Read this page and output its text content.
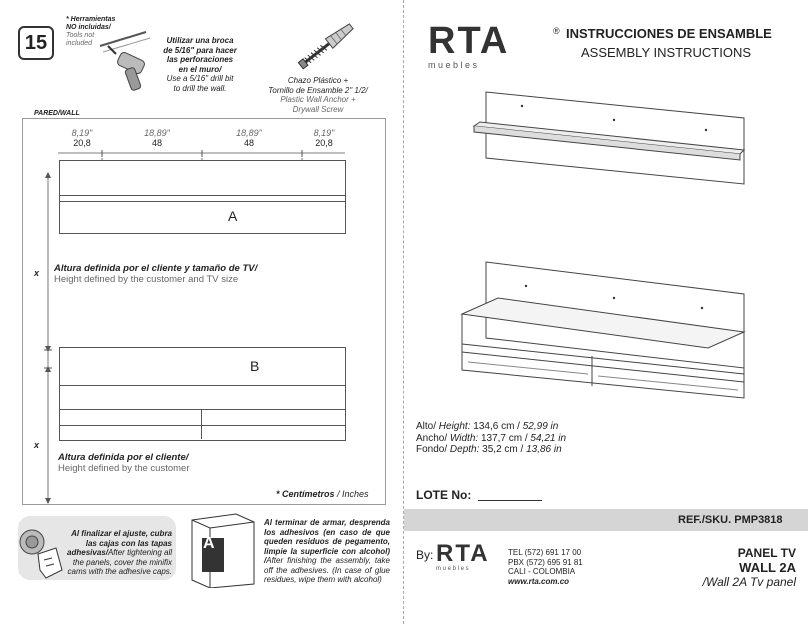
15
* Herramientas
NO incluidas/
Tools not
included	Utilizar una broca
de 5/16" para hacer
las perforaciones
en el muro/
Use a 5/16" drill bit
to drill the wall.
Chazo Plástico +
Tornillo de Ensamble 2" 1/2/
Plastic Wall Anchor +
Drywall Screw
PARED/WALL
8,19"
20,8
18,89"
48
18,89"
48
8,19"
20,8
A
x Altura definida por el cliente y tamaño de TV/
Height defined by the customer and TV size
B
x
Altura definida por el cliente/
Height defined by the customer
* Centímetros / Inches
Al finalizar el ajuste, cubra las cajas con las tapas adhesivas/After tightening all the panels, cover the minifix cams with the adhesive caps.
A
Al terminar de armar, desprenda los adhesivos (en caso de que queden residuos de pegamento, limpie la superficie con alcohol) /After finishing the assembly, take off the adhesives. (In case of glue residues, wipe them with alcohol)
RTA
m u e b l e s
® INSTRUCCIONES DE ENSAMBLE
ASSEMBLY INSTRUCTIONS
Alto/ Height: 134,6 cm / 52,99 in
Ancho/ Width: 137,7 cm / 54,21 in
Fondo/ Depth: 35,2 cm / 13,86 in
LOTE No:
REF./SKU. PMP3818
By: RTA
m u e b l e s
TEL (572) 691 17 00
PBX (572) 695 91 81
CALI - COLOMBIA
www.rta.com.co
PANEL TV
WALL 2A
/Wall 2A Tv panel
